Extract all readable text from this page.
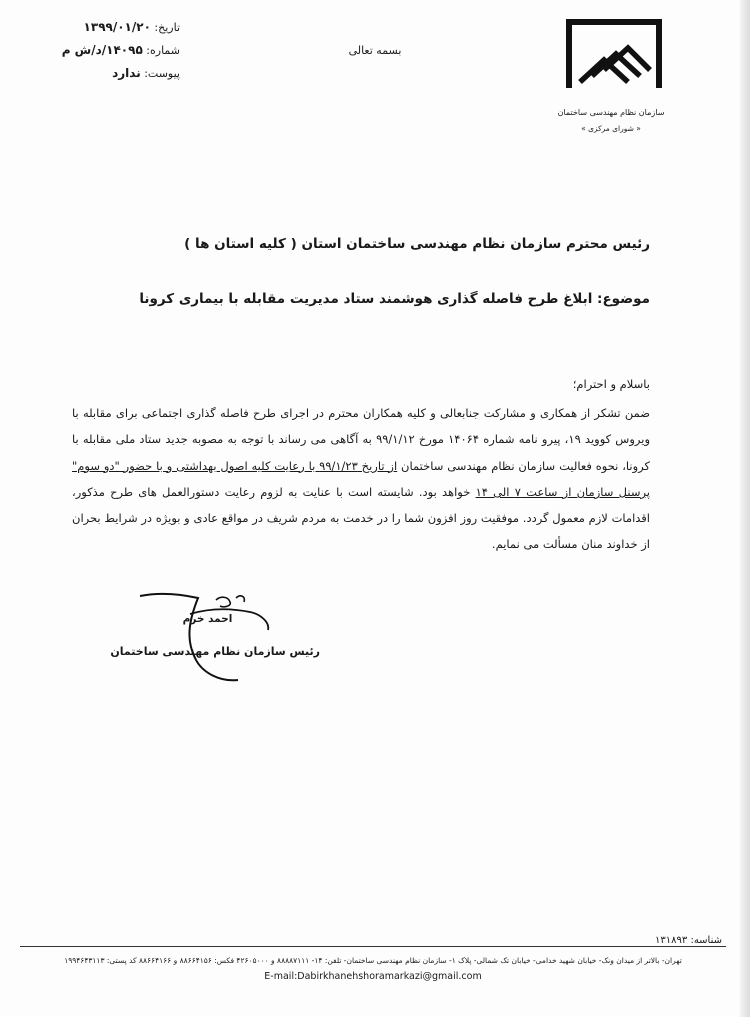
سازمان نظام مهندسی ساختمان
« شورای مرکزی »
بسمه تعالی
تاریخ: ۱۳۹۹/۰۱/۲۰
شماره: ۱۴۰۹۵/د/ش م
پیوست: ندارد
رئیس محترم سازمان نظام مهندسی ساختمان استان ( کلیه استان ها )
موضوع: ابلاغ طرح فاصله گذاری هوشمند ستاد مدیریت مقابله با بیماری کرونا
باسلام و احترام؛
ضمن تشکر از همکاری و مشارکت جنابعالی و کلیه همکاران محترم در اجرای طرح فاصله گذاری اجتماعی برای مقابله با ویروس کووید ۱۹، پیرو نامه شماره ۱۴۰۶۴ مورخ ۹۹/۱/۱۲ به آگاهی می رساند با توجه به مصوبه جدید ستاد ملی مقابله با کرونا، نحوه فعالیت سازمان نظام مهندسی ساختمان از تاریخ ۹۹/۱/۲۳ با رعایت کلیه اصول بهداشتی و با حضور "دو سوم" پرسنل سازمان از ساعت ۷ الی ۱۴ خواهد بود. شایسته است با عنایت به لزوم رعایت دستورالعمل های طرح مذکور، اقدامات لازم معمول گردد. موفقیت روز افزون شما را در خدمت به مردم شریف در مواقع عادی و بویژه در شرایط بحران از خداوند منان مسألت می نمایم.
احمد خرم
رئیس سازمان نظام مهندسی ساختمان
شناسه: ۱۳۱۸۹۳
تهران- بالاتر از میدان ونک- خیابان شهید خدامی- خیابان تک شمالی- پلاک ۱- سازمان نظام مهندسی ساختمان- تلفن: ۱۴- ۸۸۸۸۷۱۱۱ و ۴۲۶۰۵۰۰۰ فکس: ۸۸۶۶۴۱۵۶ و ۸۸۶۶۴۱۶۶ کد پستی: ۱۹۹۴۶۴۳۱۱۳
E-mail:Dabirkhanehshoramarkazi@gmail.com
